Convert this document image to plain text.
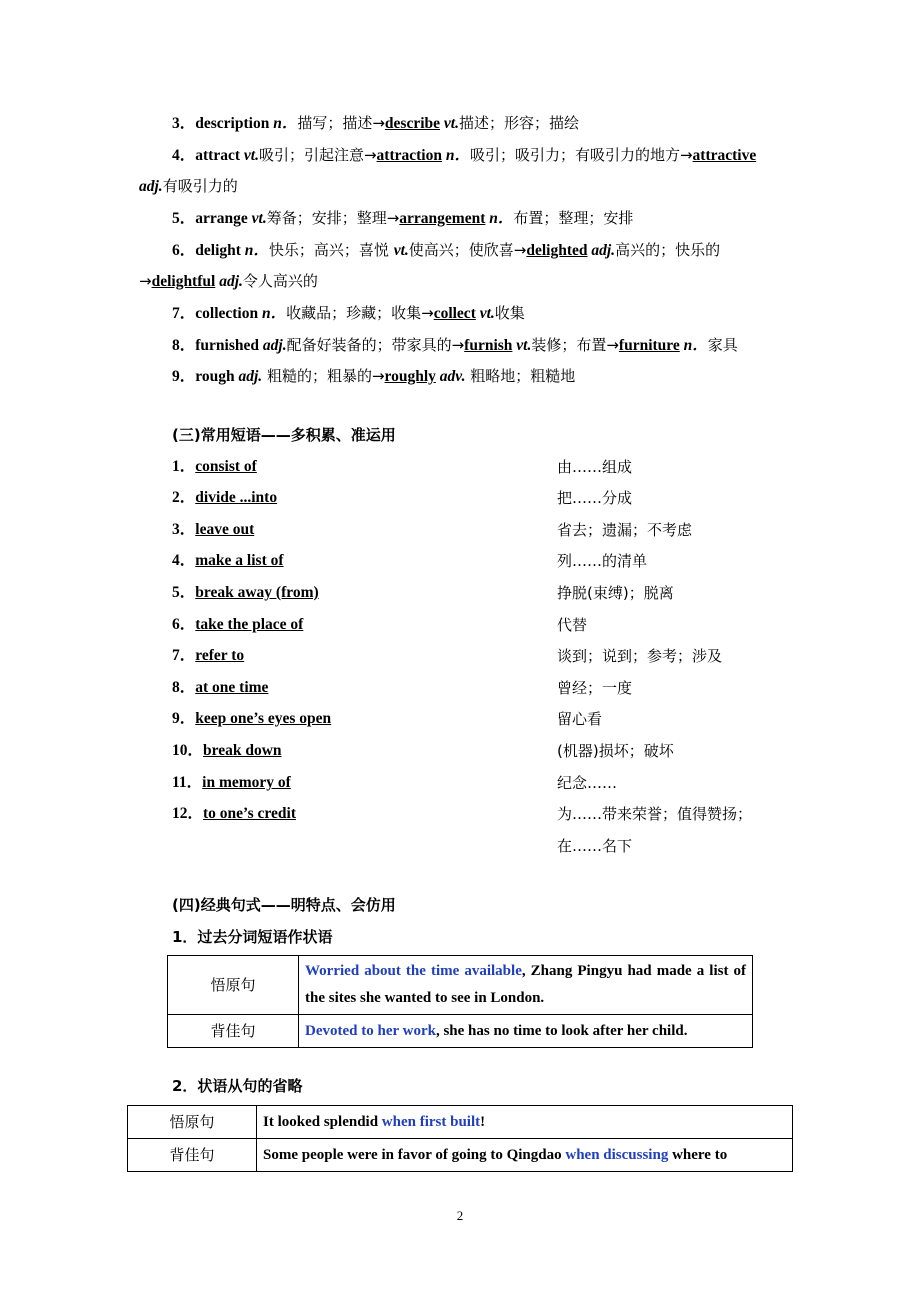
3．description n．描写；描述→describe vt.描述；形容；描绘
4．attract vt.吸引；引起注意→attraction n．吸引；吸引力；有吸引力的地方→attractive
adj.有吸引力的
5．arrange vt.筹备；安排；整理→arrangement n．布置；整理；安排
6．delight n．快乐；高兴；喜悦 vt.使高兴；使欣喜→delighted adj.高兴的；快乐的
→delightful adj.令人高兴的
7．collection n．收藏品；珍藏；收集→collect vt.收集
8．furnished adj.配备好装备的；带家具的→furnish vt.装修；布置→furniture n．家具
9．rough adj. 粗糙的；粗暴的→roughly adv. 粗略地；粗糙地
(三)常用短语——多积累、准运用
1．consist of	由……组成
2．divide ...into	把……分成
3．leave out	省去；遗漏；不考虑
4．make a list of	列……的清单
5．break away (from)	挣脱(束缚)；脱离
6．take the place of	代替
7．refer to	谈到；说到；参考；涉及
8．at one time	曾经；一度
9．keep one’s eyes open	留心看
10．break down	(机器)损坏；破坏
11．in memory of	纪念……
12．to one’s credit	为……带来荣誉；值得赞扬；
在……名下
(四)经典句式——明特点、会仿用
1．过去分词短语作状语
悟原句	Worried about the time available, Zhang Pingyu had made a list of the sites she wanted to see in London.
背佳句	Devoted to her work, she has no time to look after her child.
2．状语从句的省略
悟原句	It looked splendid when first built!
背佳句	Some people were in favor of going to Qingdao when discussing where to
2
